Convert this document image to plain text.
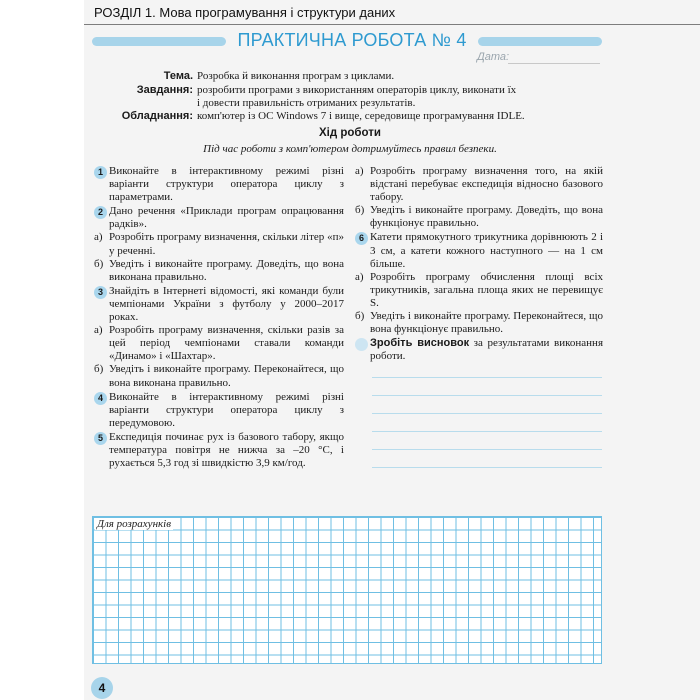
РОЗДІЛ 1. Мова програмування і структури даних
ПРАКТИЧНА РОБОТА № 4
Дата:
Тема. Розробка й виконання програм з циклами.
Завдання: розробити програми з використанням операторів циклу, виконати їх
і довести правильність отриманих результатів.
Обладнання: комп'ютер із ОС Windows 7 і вище, середовище програмування IDLE.
Хід роботи
Під час роботи з комп'ютером дотримуйтесь правил безпеки.
1 Виконайте в інтерактивному режимі різні варіанти структури оператора циклу з параметрами.
2 Дано речення «Приклади програм опрацювання радків».
а) Розробіть програму визначення, скільки літер «п» у реченні.
б) Уведіть і виконайте програму. Доведіть, що вона виконана правильно.
3 Знайдіть в Інтернеті відомості, які команди були чемпіонами України з футболу у 2000–2017 роках.
а) Розробіть програму визначення, скільки разів за цей період чемпіонами ставали команди «Динамо» і «Шахтар».
б) Уведіть і виконайте програму. Переконайтеся, що вона виконана правильно.
4 Виконайте в інтерактивному режимі різні варіанти структури оператора циклу з передумовою.
5 Експедиція починає рух із базового табору, якщо температура повітря не нижча за –20 °С, і рухається 5,3 год зі швидкістю 3,9 км/год.
а) Розробіть програму визначення того, на якій відстані перебуває експедиція відносно базового табору.
б) Уведіть і виконайте програму. Доведіть, що вона функціонує правильно.
6 Катети прямокутного трикутника дорівнюють 2 і 3 см, а катети кожного наступного — на 1 см більше.
а) Розробіть програму обчислення площі всіх трикутників, загальна площа яких не перевищує S.
б) Уведіть і виконайте програму. Переконайтеся, що вона функціонує правильно.
Зробіть висновок за результатами виконання роботи.
Для розрахунків
4
